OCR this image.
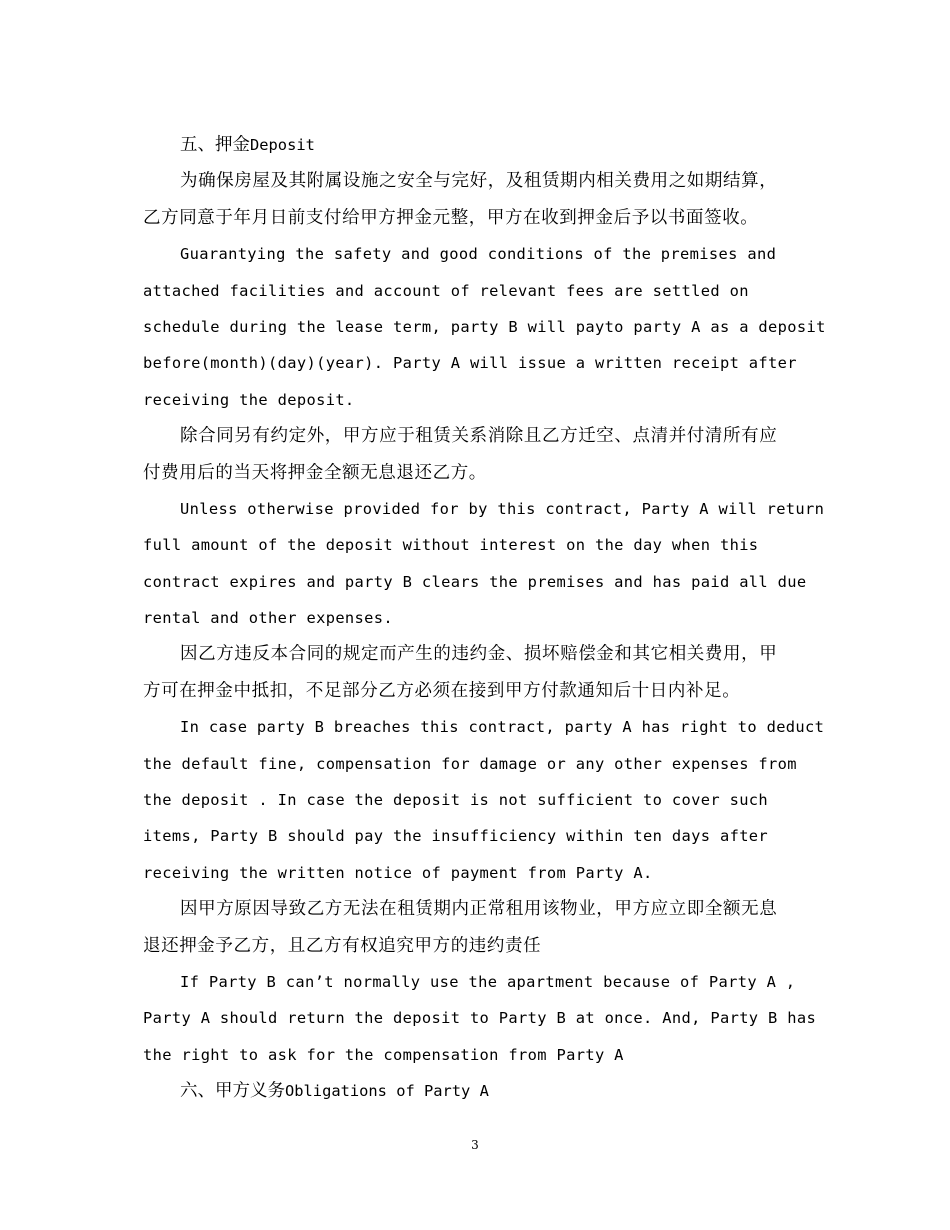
五、押金Deposit
为确保房屋及其附属设施之安全与完好，及租赁期内相关费用之如期结算，
乙方同意于年月日前支付给甲方押金元整，甲方在收到押金后予以书面签收。
Guarantying the safety and good conditions of the premises and
attached facilities and account of relevant fees are settled on
schedule during the lease term, party B will payto party A as a deposit
before(month)(day)(year). Party A will issue a written receipt after
receiving the deposit.
除合同另有约定外，甲方应于租赁关系消除且乙方迁空、点清并付清所有应
付费用后的当天将押金全额无息退还乙方。
Unless otherwise provided for by this contract, Party A will return
full amount of the deposit without interest on the day when this
contract expires and party B clears the premises and has paid all due
rental and other expenses.
因乙方违反本合同的规定而产生的违约金、损坏赔偿金和其它相关费用，甲
方可在押金中抵扣，不足部分乙方必须在接到甲方付款通知后十日内补足。
In case party B breaches this contract, party A has right to deduct
the default fine, compensation for damage or any other expenses from
the deposit . In case the deposit is not sufficient to cover such
items, Party B should pay the insufficiency within ten days after
receiving the written notice of payment from Party A.
因甲方原因导致乙方无法在租赁期内正常租用该物业，甲方应立即全额无息
退还押金予乙方，且乙方有权追究甲方的违约责任
If Party B can’t normally use the apartment because of Party A ,
Party A should return the deposit to Party B at once. And, Party B has
the right to ask for the compensation from Party A
六、甲方义务Obligations of Party A
3
